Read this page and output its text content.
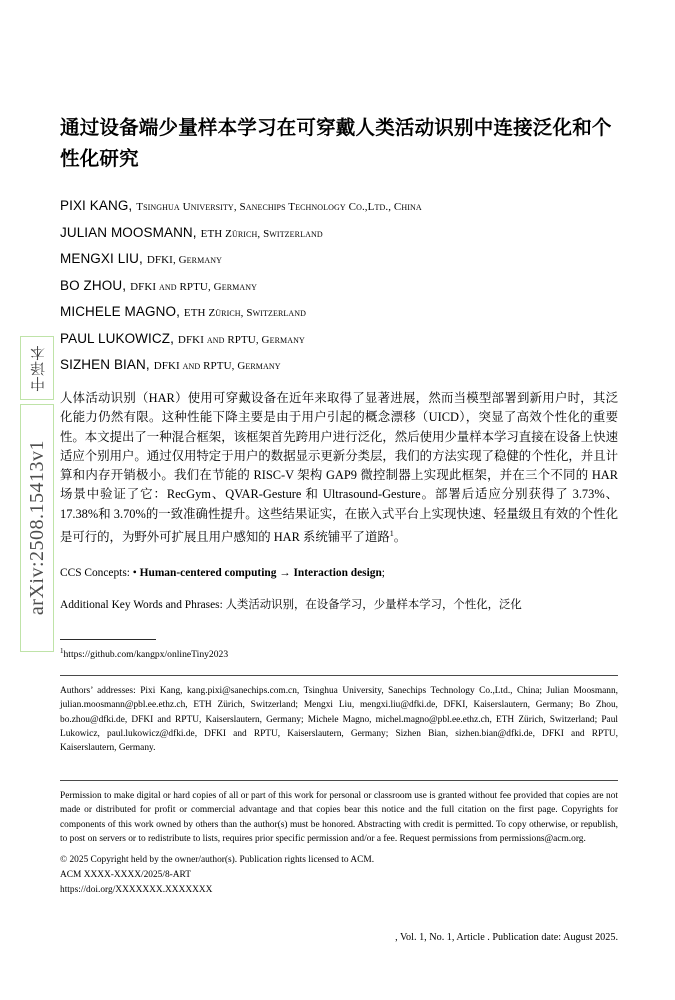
中译本
arXiv:2508.15413v1
通过设备端少量样本学习在可穿戴人类活动识别中连接泛化和个性化研究
PIXI KANG, Tsinghua University, Sanechips Technology Co.,Ltd., China
JULIAN MOOSMANN, ETH Zürich, Switzerland
MENGXI LIU, DFKI, Germany
BO ZHOU, DFKI and RPTU, Germany
MICHELE MAGNO, ETH Zürich, Switzerland
PAUL LUKOWICZ, DFKI and RPTU, Germany
SIZHEN BIAN, DFKI and RPTU, Germany

人体活动识别（HAR）使用可穿戴设备在近年来取得了显著进展，然而当模型部署到新用户时，其泛化能力仍然有限。这种性能下降主要是由于用户引起的概念漂移（UICD），突显了高效个性化的重要性。本文提出了一种混合框架，该框架首先跨用户进行泛化，然后使用少量样本学习直接在设备上快速适应个别用户。通过仅用特定于用户的数据显示更新分类层，我们的方法实现了稳健的个性化，并且计算和内存开销极小。我们在节能的 RISC-V 架构 GAP9 微控制器上实现此框架，并在三个不同的 HAR 场景中验证了它：RecGym、QVAR-Gesture 和 Ultrasound-Gesture。部署后适应分别获得了 3.73%、17.38%和 3.70%的一致准确性提升。这些结果证实，在嵌入式平台上实现快速、轻量级且有效的个性化是可行的，为野外可扩展且用户感知的 HAR 系统铺平了道路$^1$。

CCS Concepts: • Human-centered computing → Interaction design;
Additional Key Words and Phrases: 人类活动识别，在设备学习，少量样本学习，个性化，泛化
$^1$https://github.com/kangpx/onlineTiny2023
Authors’ addresses: Pixi Kang, kang.pixi@sanechips.com.cn, Tsinghua University, Sanechips Technology Co.,Ltd., China; Julian Moosmann, julian.moosmann@pbl.ee.ethz.ch, ETH Zürich, Switzerland; Mengxi Liu, mengxi.liu@dfki.de, DFKI, Kaiserslautern, Germany; Bo Zhou, bo.zhou@dfki.de, DFKI and RPTU, Kaiserslautern, Germany; Michele Magno, michel.magno@pbl.ee.ethz.ch, ETH Zürich, Switzerland; Paul Lukowicz, paul.lukowicz@dfki.de, DFKI and RPTU, Kaiserslautern, Germany; Sizhen Bian, sizhen.bian@dfki.de, DFKI and RPTU, Kaiserslautern, Germany.
Permission to make digital or hard copies of all or part of this work for personal or classroom use is granted without fee provided that copies are not made or distributed for profit or commercial advantage and that copies bear this notice and the full citation on the first page. Copyrights for components of this work owned by others than the author(s) must be honored. Abstracting with credit is permitted. To copy otherwise, or republish, to post on servers or to redistribute to lists, requires prior specific permission and/or a fee. Request permissions from permissions@acm.org.
© 2025 Copyright held by the owner/author(s). Publication rights licensed to ACM.
ACM XXXX-XXXX/2025/8-ART
https://doi.org/XXXXXXX.XXXXXXX
, Vol. 1, No. 1, Article . Publication date: August 2025.
